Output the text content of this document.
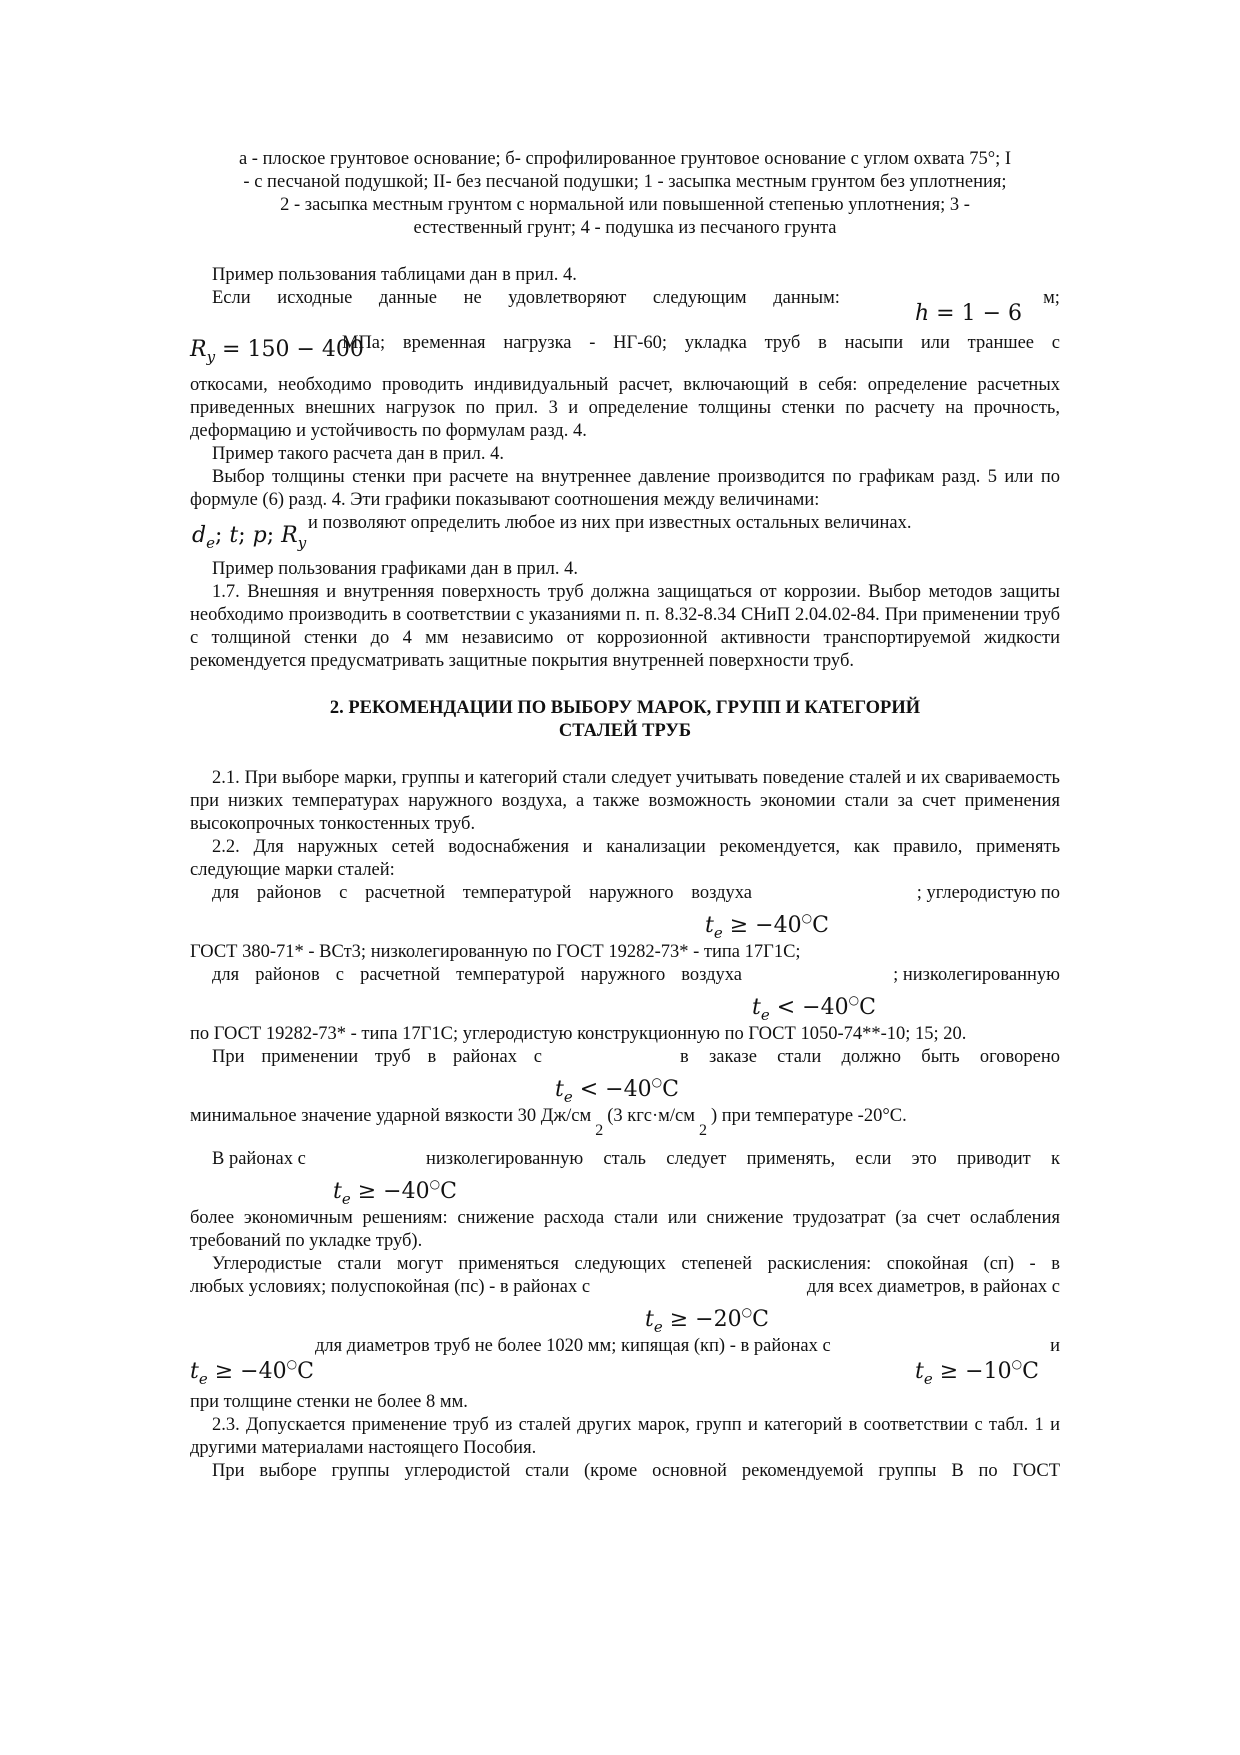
а - плоское грунтовое основание; б- спрофилированное грунтовое основание с углом охвата 75°; I
- с песчаной подушкой; II- без песчаной подушки; 1 - засыпка местным грунтом без уплотнения;
2 - засыпка местным грунтом с нормальной или повышенной степенью уплотнения; 3 -
естественный грунт; 4 - подушка из песчаного грунта

Пример пользования таблицами дан в прил. 4.

Если исходные данные не удовлетворяют следующим данным:	м;
h = 1 − 6
$R_y = 150 - 400$
МПа; временная нагрузка - НГ-60; укладка труб в насыпи или траншее с

откосами, необходимо проводить индивидуальный расчет, включающий в себя: определение расчетных приведенных внешних нагрузок по прил. 3 и определение толщины стенки по расчету на прочность, деформацию и устойчивость по формулам разд. 4.

Пример такого расчета дан в прил. 4.

Выбор толщины стенки при расчете на внутреннее давление производится по графикам разд. 5 или по формуле (6) разд. 4. Эти графики показывают соотношения между величинами:

и позволяют определить любое из них при известных остальных величинах.
$d_e$; t; p; $R_y$

Пример пользования графиками дан в прил. 4.

1.7. Внешняя и внутренняя поверхность труб должна защищаться от коррозии. Выбор методов защиты необходимо производить в соответствии с указаниями п. п. 8.32-8.34 СНиП 2.04.02-84. При применении труб с толщиной стенки до 4 мм независимо от коррозионной активности транспортируемой жидкости рекомендуется предусматривать защитные покрытия внутренней поверхности труб.

2. РЕКОМЕНДАЦИИ ПО ВЫБОРУ МАРОК, ГРУПП И КАТЕГОРИЙ
СТАЛЕЙ ТРУБ

2.1. При выборе марки, группы и категорий стали следует учитывать поведение сталей и их свариваемость при низких температурах наружного воздуха, а также возможность экономии стали за счет применения высокопрочных тонкостенных труб.

2.2. Для наружных сетей водоснабжения и канализации рекомендуется, как правило, применять следующие марки сталей:

для районов с расчетной температурой наружного воздуха	; углеродистую по
$t_e \ge -40^○C$

ГОСТ 380-71* - ВСт3; низколегированную по ГОСТ 19282-73* - типа 17Г1С;

для районов с расчетной температурой наружного воздуха	; низколегированную
$t_e < -40^○C$

по ГОСТ 19282-73* - типа 17Г1С; углеродистую конструкционную по ГОСТ 1050-74**-10; 15; 20.

При применении труб в районах с	в заказе стали должно быть оговорено
$t_e < -40^○C$

минимальное значение ударной вязкости 30 Дж/см2(3 кгс·м/см2) при температуре -20°С.

В районах с	низколегированную сталь следует применять, если это приводит к
$t_e \ge -40^○C$

более экономичным решениям: снижение расхода стали или снижение трудозатрат (за счет ослабления требований по укладке труб).

Углеродистые стали могут применяться следующих степеней раскисления: спокойная (сп) - в

любых условиях; полуспокойная (пс) - в районах с	для всех диаметров, в районах с
$t_e \ge -20^○C$
для диаметров труб не более 1020 мм; кипящая (кп) - в районах с	и
$t_e \ge -40^○C$	$t_e \ge -10^○C$

при толщине стенки не более 8 мм.

2.3. Допускается применение труб из сталей других марок, групп и категорий в соответствии с табл. 1 и другими материалами настоящего Пособия.

При выборе группы углеродистой стали (кроме основной рекомендуемой группы В по ГОСТ
